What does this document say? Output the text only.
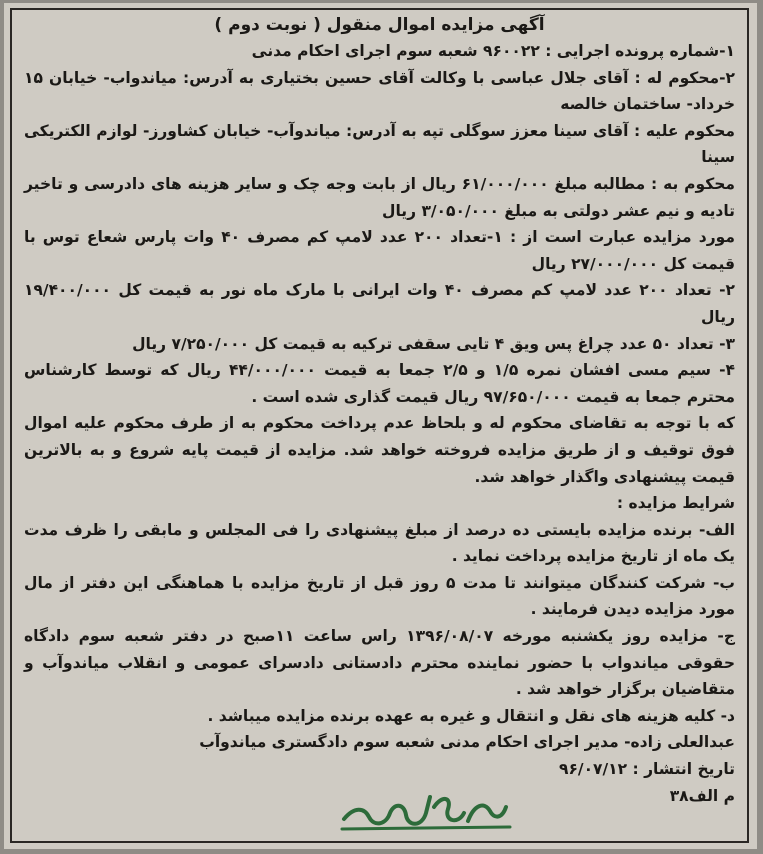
آگهی مزایده اموال منقول ( نوبت دوم )
۱-شماره پرونده اجرایی : ۹۶۰۰۲۲ شعبه سوم اجرای احکام مدنی
۲-محکوم له : آقای جلال عباسی با وکالت آقای حسین بختیاری به آدرس: میاندواب- خیابان ۱۵ خرداد- ساختمان خالصه
محکوم علیه : آقای سینا معزز سوگلی تپه به آدرس: میاندوآب- خیابان کشاورز- لوازم الکتریکی سینا
محکوم به : مطالبه مبلغ ۶۱/۰۰۰/۰۰۰ ریال از بابت وجه چک و سایر هزینه های دادرسی و تاخیر تادیه و نیم عشر دولتی به مبلغ ۳/۰۵۰/۰۰۰ ریال
مورد مزایده عبارت است از : ۱-تعداد ۲۰۰ عدد لامپ کم مصرف ۴۰ وات پارس شعاع توس با قیمت کل ۲۷/۰۰۰/۰۰۰ ریال
۲- تعداد ۲۰۰ عدد لامپ کم مصرف ۴۰ وات ایرانی با مارک ماه نور به قیمت کل ۱۹/۴۰۰/۰۰۰ ریال
۳- تعداد ۵۰ عدد چراغ پس ویق ۴ تایی سقفی ترکیه به قیمت کل ۷/۲۵۰/۰۰۰ ریال
۴- سیم مسی افشان نمره ۱/۵ و ۲/۵ جمعا به قیمت ۴۴/۰۰۰/۰۰۰ ریال که توسط کارشناس محترم جمعا به قیمت ۹۷/۶۵۰/۰۰۰ ریال قیمت گذاری شده است .
که با توجه به تقاضای محکوم له و بلحاظ عدم پرداخت محکوم به از طرف محکوم علیه اموال فوق توقیف و از طریق مزایده فروخته خواهد شد. مزایده از قیمت پایه شروع و به بالاترین قیمت پیشنهادی واگذار خواهد شد.
شرایط مزایده :
الف- برنده مزایده بایستی ده درصد از مبلغ پیشنهادی را فی المجلس و مابقی را ظرف مدت یک ماه از تاریخ مزایده پرداخت نماید .
ب- شرکت کنندگان میتوانند تا مدت ۵ روز قبل از تاریخ مزایده با هماهنگی این دفتر از مال مورد مزایده دیدن فرمایند .
ج- مزایده روز یکشنبه مورخه ۱۳۹۶/۰۸/۰۷ راس ساعت ۱۱صبح در دفتر شعبه سوم دادگاه حقوقی میاندواب با حضور نماینده محترم دادستانی دادسرای عمومی و انقلاب میاندوآب و متقاضیان برگزار خواهد شد .
د- کلیه هزینه های نقل و انتقال و غیره به عهده برنده مزایده میباشد .
عبدالعلی زاده- مدیر اجرای احکام مدنی شعبه سوم دادگستری میاندوآب
تاریخ انتشار : ۹۶/۰۷/۱۲
م الف۳۸
